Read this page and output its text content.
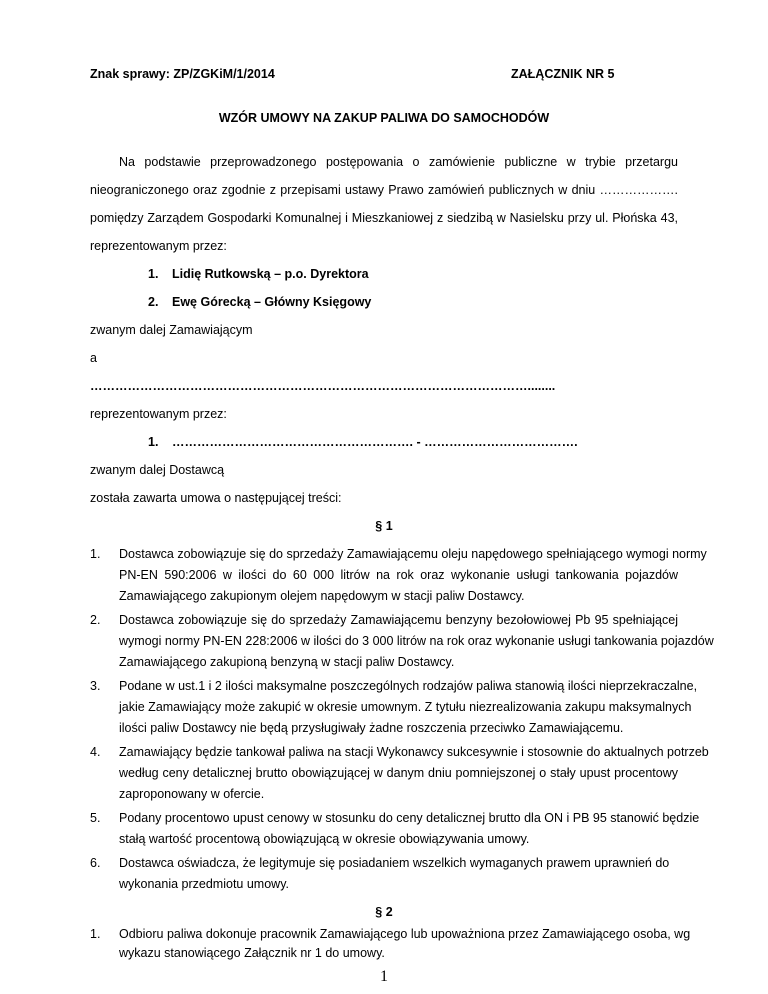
Znak sprawy: ZP/ZGKiM/1/2014	ZAŁĄCZNIK NR 5
WZÓR UMOWY NA ZAKUP PALIWA DO SAMOCHODÓW
Na podstawie przeprowadzonego postępowania o zamówienie publiczne w trybie przetargu
nieograniczonego oraz zgodnie z przepisami ustawy Prawo zamówień publicznych w dniu ……………….
pomiędzy Zarządem Gospodarki Komunalnej i Mieszkaniowej z siedzibą w Nasielsku przy ul. Płońska 43,
reprezentowanym przez:
1. Lidię Rutkowską – p.o. Dyrektora
2. Ewę Górecką – Główny Księgowy
zwanym dalej Zamawiającym
a
……………………………………………………………………………………………........
reprezentowanym przez:
1. …………………………………………………. - ……………………………….
zwanym dalej Dostawcą
została zawarta umowa o następującej treści:
§ 1
1. Dostawca zobowiązuje się do sprzedaży Zamawiającemu oleju napędowego spełniającego wymogi normy
PN-EN 590:2006 w ilości do 60 000 litrów na rok oraz wykonanie usługi tankowania pojazdów
Zamawiającego zakupionym olejem napędowym w stacji paliw Dostawcy.
2. Dostawca zobowiązuje się do sprzedaży Zamawiającemu benzyny bezołowiowej Pb 95 spełniającej
wymogi normy PN-EN 228:2006 w ilości do 3 000 litrów na rok oraz wykonanie usługi tankowania pojazdów
Zamawiającego zakupioną benzyną w stacji paliw Dostawcy.
3. Podane w ust.1 i 2 ilości maksymalne poszczególnych rodzajów paliwa stanowią ilości nieprzekraczalne,
jakie Zamawiający może zakupić w okresie umownym. Z tytułu niezrealizowania zakupu maksymalnych
ilości paliw Dostawcy nie będą przysługiwały żadne roszczenia przeciwko Zamawiającemu.
4. Zamawiający będzie tankował paliwa na stacji Wykonawcy sukcesywnie i stosownie do aktualnych potrzeb
według ceny detalicznej brutto obowiązującej w danym dniu pomniejszonej o stały upust procentowy
zaproponowany w ofercie.
5. Podany procentowo upust cenowy w stosunku do ceny detalicznej brutto dla ON i PB 95 stanowić będzie
stałą wartość procentową obowiązującą w okresie obowiązywania umowy.
6. Dostawca oświadcza, że legitymuje się posiadaniem wszelkich wymaganych prawem uprawnień do
wykonania przedmiotu umowy.
1
§ 2
1. Odbioru paliwa dokonuje pracownik Zamawiającego lub upoważniona przez Zamawiającego osoba, wg
wykazu stanowiącego Załącznik nr 1 do umowy.
